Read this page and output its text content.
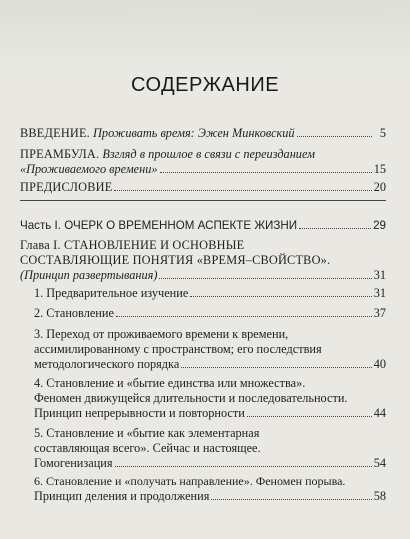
СОДЕРЖАНИЕ
ВВЕДЕНИЕ.
Проживать время: Эжен Минковский	5
ПРЕАМБУЛА.
Взгляд в прошлое в связи с переизданием
«Проживаемого времени»	15
ПРЕДИСЛОВИЕ	20
Часть I. ОЧЕРК О ВРЕМЕННОМ АСПЕКТЕ ЖИЗНИ	29
Глава I. СТАНОВЛЕНИЕ И ОСНОВНЫЕ
СОСТАВЛЯЮЩИЕ ПОНЯТИЯ «ВРЕМЯ–СВОЙСТВО».
(Принцип развертывания)	31
1. Предварительное изучение	31
2. Становление	37
3. Переход от проживаемого времени к времени,
ассимилированному с пространством; его последствия
методологического порядка	40
4. Становление и «бытие единства или множества».
Феномен движущейся длительности и последовательности.
Принцип непрерывности и повторности	44
5. Становление и «бытие как элементарная
составляющая всего». Сейчас и настоящее.
Гомогенизация	54
6. Становление и «получать направление». Феномен порыва.
Принцип деления и продолжения	58
